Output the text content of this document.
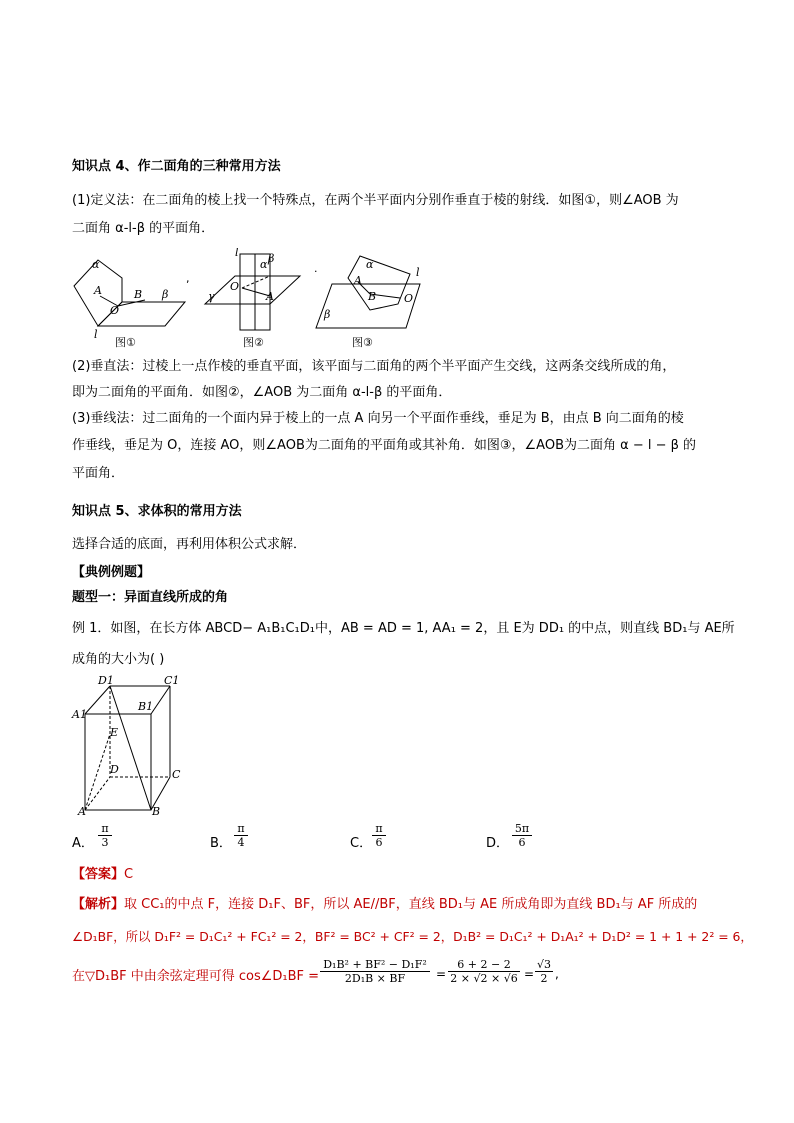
知识点 4、作二面角的三种常用方法
(1)定义法：在二面角的棱上找一个特殊点，在两个半平面内分别作垂直于棱的射线．如图①，则∠AOB 为
二面角 α-l-β 的平面角．
α
A
O
B β
l
,
l
α β
O
A
γ
.	α
l
A
B	O
β
图①	图②	图③
(2)垂直法：过棱上一点作棱的垂直平面，该平面与二面角的两个半平面产生交线，这两条交线所成的角，
即为二面角的平面角．如图②，∠AOB 为二面角 α-l-β 的平面角．
(3)垂线法：过二面角的一个面内异于棱上的一点 A 向另一个平面作垂线，垂足为 B，由点 B 向二面角的棱
作垂线，垂足为 O，连接 AO，则∠AOB为二面角的平面角或其补角．如图③，∠AOB为二面角 α − l − β 的
平面角．
知识点 5、求体积的常用方法
选择合适的底面，再利用体积公式求解．
【典例例题】
题型一：异面直线所成的角
例 1．如图，在长方体 ABCD− A₁B₁C₁D₁中，AB = AD = 1, AA₁ = 2，且 E为 DD₁ 的中点，则直线 BD₁与 AE所
成角的大小为( )
D1	C1
A1
B1
E
D	C
A	B
A． $\frac{\pi}{3}$	B． $\frac{\pi}{4}$	C． $\frac{\pi}{6}$	D． $\frac{5\pi}{6}$
【答案】C
【解析】取 CC₁的中点 F，连接 D₁F、BF，所以 AE//BF，直线 BD₁与 AE 所成角即为直线 BD₁与 AF 所成的
∠D₁BF，所以 D₁F² = D₁C₁² + FC₁² = 2，BF² = BC² + CF² = 2，D₁B² = D₁C₁² + D₁A₁² + D₁D² = 1 + 1 + 2² = 6，
在▽D₁BF 中由余弦定理可得 cos∠D₁BF = $\frac{\text{D₁B² + BF² − D₁F²}}{\text{2D₁B × BF}} = \frac{6 + 2 - 2}{2 \times √2 \times √6} = \frac{√3}{2}$ ,
